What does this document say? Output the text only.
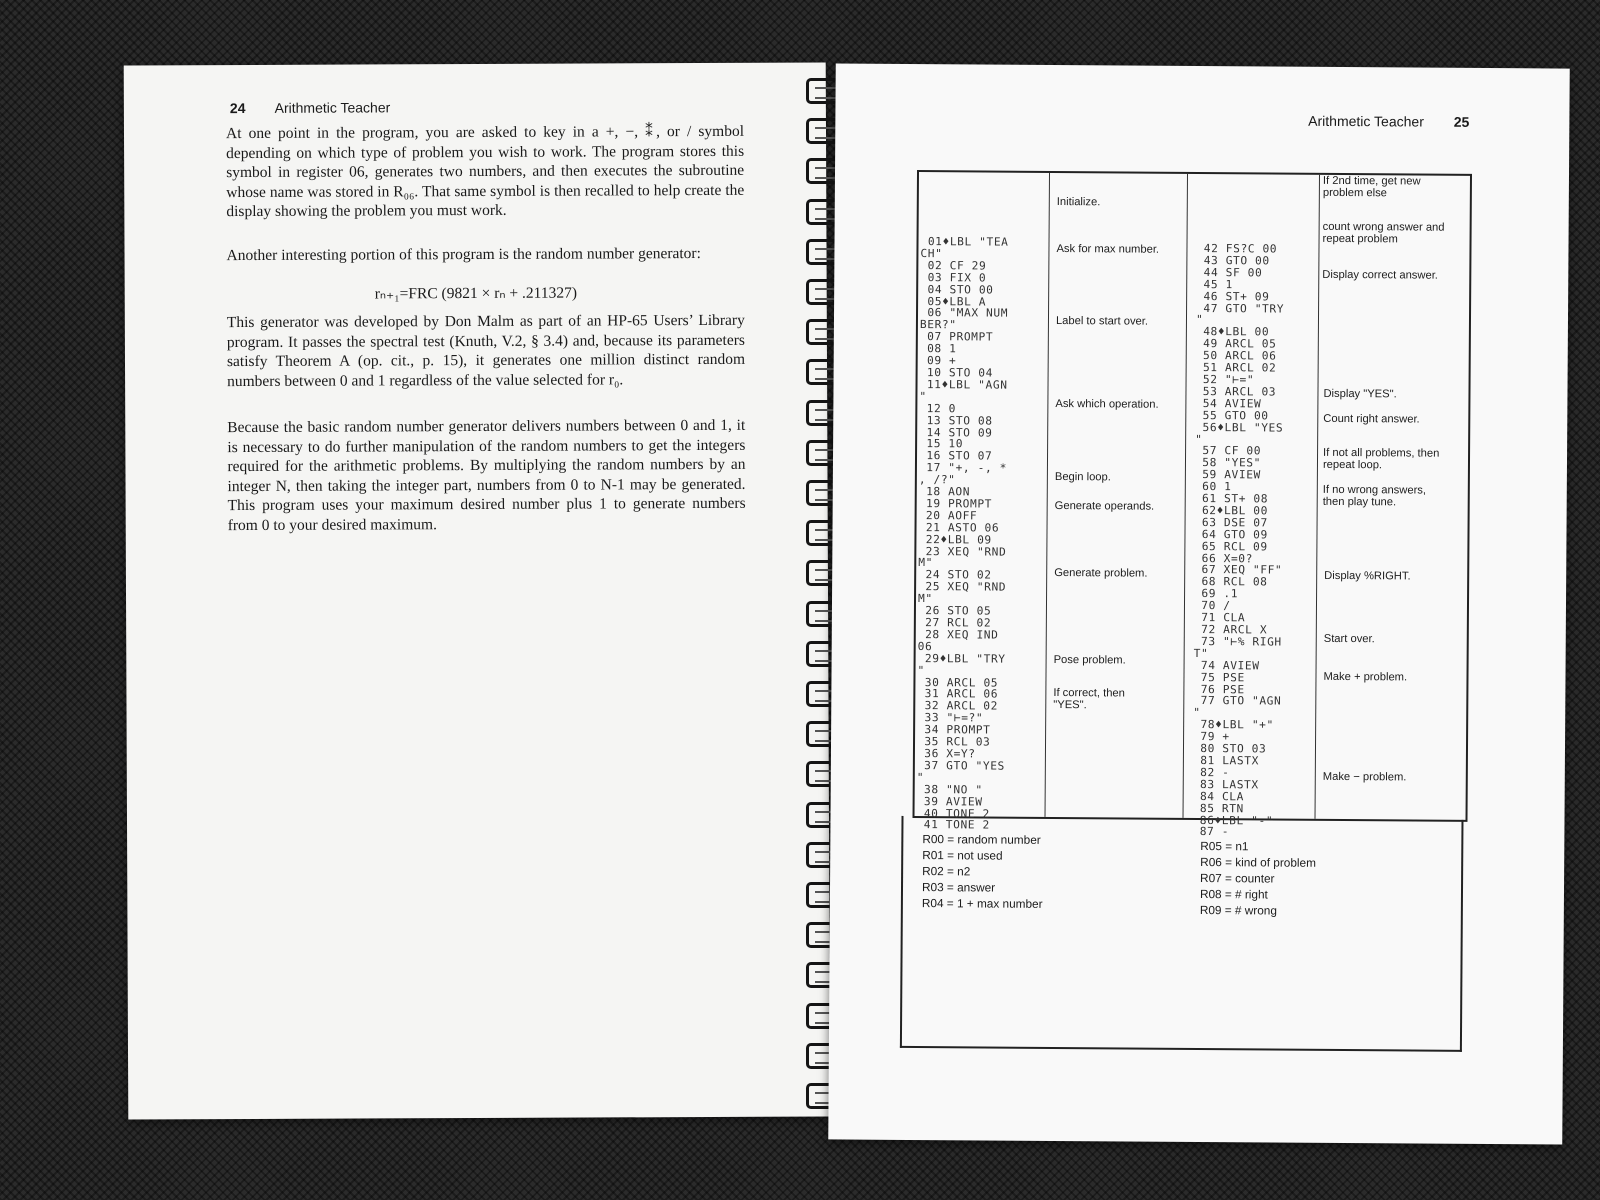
24 Arithmetic Teacher
At one point in the program, you are asked to key in a +, −, ⁑, or / symbol depending on which type of problem you wish to work. The program stores this symbol in register 06, generates two numbers, and then executes the subroutine whose name was stored in R₀₆. That same symbol is then recalled to help create the display showing the problem you must work.
Another interesting portion of this program is the random number generator:
rₙ₊₁=FRC (9821 × rₙ + .211327)
This generator was developed by Don Malm as part of an HP-65 Users’ Library program. It passes the spectral test (Knuth, V.2, § 3.4) and, because its parameters satisfy Theorem A (op. cit., p. 15), it generates one million distinct random numbers between 0 and 1 regardless of the value selected for r₀.
Because the basic random number generator delivers numbers between 0 and 1, it is necessary to do further manipulation of the random numbers to get the integers required for the arithmetic problems. By multiplying the random numbers by an integer N, then taking the integer part, numbers from 0 to N-1 may be generated. This program uses your maximum desired number plus 1 to generate numbers from 0 to your desired maximum.
Arithmetic Teacher 25
01♦LBL "TEA
CH"
02 CF 29
03 FIX 0
04 STO 00
05♦LBL A
06 "MAX NUM
BER?"
07 PROMPT
08 1
09 +
10 STO 04
11♦LBL "AGN
"
12 0
13 STO 08
14 STO 09
15 10
16 STO 07
17 "+, -, *
, /?"
18 AON
19 PROMPT
20 AOFF
21 ASTO 06
22♦LBL 09
23 XEQ "RND
M"
24 STO 02
25 XEQ "RND
M"
26 STO 05
27 RCL 02
28 XEQ IND
06
29♦LBL "TRY
"
30 ARCL 05
31 ARCL 06
32 ARCL 02
33 "⊢=?"
34 PROMPT
35 RCL 03
36 X=Y?
37 GTO "YES
"
38 "NO "
39 AVIEW
40 TONE 2
41 TONE 2
42 FS?C 00
43 GTO 00
44 SF 00
45 1
46 ST+ 09
47 GTO "TRY
"
48♦LBL 00
49 ARCL 05
50 ARCL 06
51 ARCL 02
52 "⊢="
53 ARCL 03
54 AVIEW
55 GTO 00
56♦LBL "YES
"
57 CF 00
58 "YES"
59 AVIEW
60 1
61 ST+ 08
62♦LBL 00
63 DSE 07
64 GTO 09
65 RCL 09
66 X=0?
67 XEQ "FF"
68 RCL 08
69 .1
70 /
71 CLA
72 ARCL X
73 "⊢% RIGH
T"
74 AVIEW
75 PSE
76 PSE
77 GTO "AGN
"
78♦LBL "+"
79 +
80 STO 03
81 LASTX
82 -
83 LASTX
84 CLA
85 RTN
86♦LBL "-"
87 -
Initialize.
Ask for max number.
Label to start over.
Ask which operation.
Begin loop.
Generate operands.
Generate problem.
Pose problem.
If correct, then "YES".
If 2nd time, get new problem else
count wrong answer and repeat problem
Display correct answer.
Display "YES".
Count right answer.
If not all problems, then repeat loop.
If no wrong answers, then play tune.
Display %RIGHT.
Start over.
Make + problem.
Make − problem.
R00 = random number
R01 = not used
R02 = n2
R03 = answer
R04 = 1 + max number
R05 = n1
R06 = kind of problem
R07 = counter
R08 = # right
R09 = # wrong
